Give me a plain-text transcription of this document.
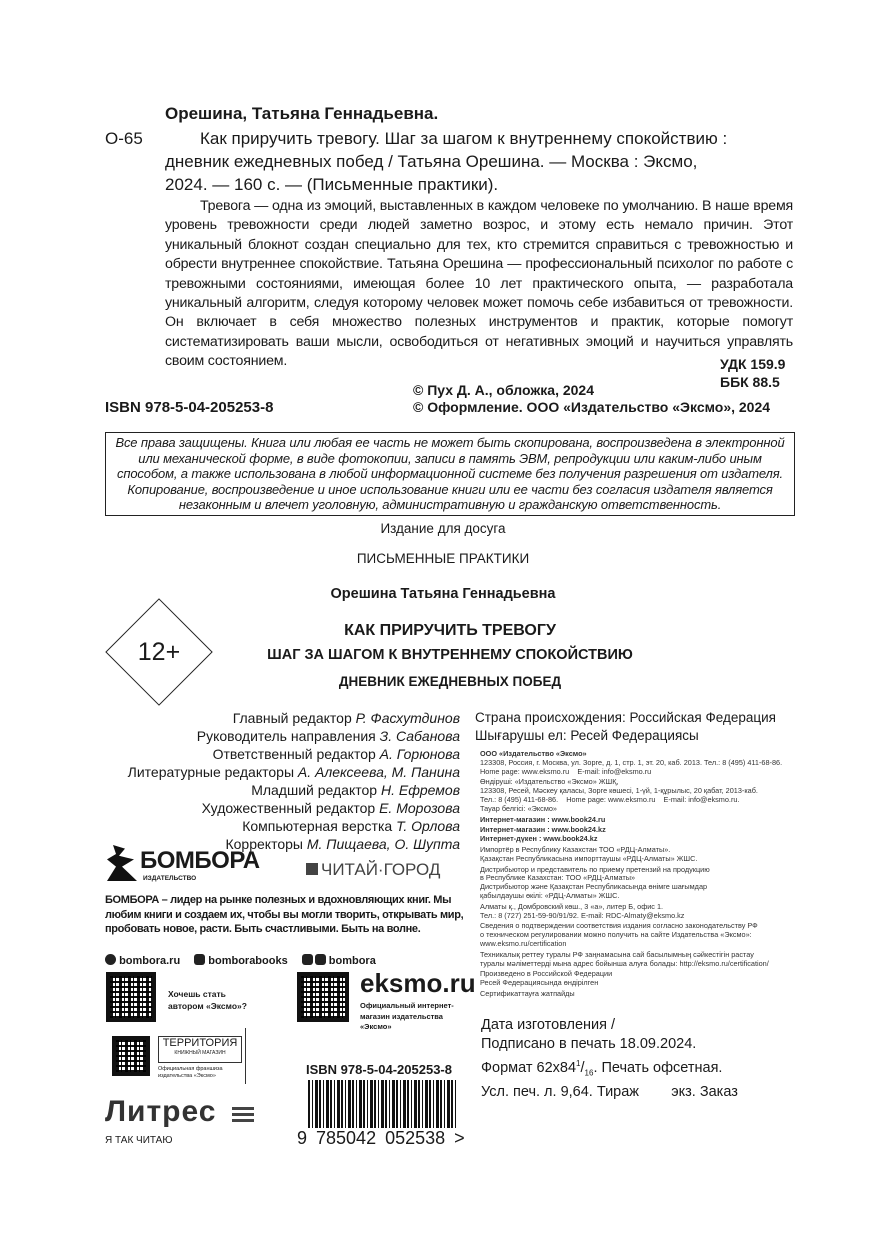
Орешина, Татьяна Геннадьевна.
О-65	Как приручить тревогу. Шаг за шагом к внутреннему спокойствию :
дневник ежедневных побед / Татьяна Орешина. — Москва : Эксмо,
2024. — 160 с. — (Письменные практики).
Тревога — одна из эмоций, выставленных в каждом человеке по умолчанию. В наше время уровень тревожности среди людей заметно возрос, и этому есть немало причин. Этот уникальный блокнот создан специально для тех, кто стремится справиться с тревожностью и обрести внутреннее спокойствие. Татьяна Орешина — профессиональный психолог по работе с тревожными состояниями, имеющая более 10 лет практического опыта, — разработала уникальный алгоритм, следуя которому человек может помочь себе избавиться от тревожности. Он включает в себя множество полезных инструментов и практик, которые помогут систематизировать ваши мысли, освободиться от негативных эмоций и научиться управлять своим состоянием.	УДК 159.9
ББК 88.5
© Пух Д. А., обложка, 2024
© Оформление. ООО «Издательство «Эксмо», 2024
ISBN 978-5-04-205253-8
Все права защищены. Книга или любая ее часть не может быть скопирована, воспроизведена в электронной или механической форме, в виде фотокопии, записи в память ЭВМ, репродукции или каким-либо иным способом, а также использована в любой информационной системе без получения разрешения от издателя. Копирование, воспроизведение и иное использование книги или ее части без согласия издателя является незаконным и влечет уголовную, административную и гражданскую ответственность.
Издание для досуга
ПИСЬМЕННЫЕ ПРАКТИКИ
Орешина Татьяна Геннадьевна
КАК ПРИРУЧИТЬ ТРЕВОГУ
ШАГ ЗА ШАГОМ К ВНУТРЕННЕМУ СПОКОЙСТВИЮ
ДНЕВНИК ЕЖЕДНЕВНЫХ ПОБЕД
12+
Главный редактор Р. Фасхутдинов
Руководитель направления З. Сабанова
Ответственный редактор А. Горюнова
Литературные редакторы А. Алексеева, М. Панина
Младший редактор Н. Ефремов
Художественный редактор Е. Морозова
Компьютерная верстка Т. Орлова
Корректоры М. Пищаева, О. Шупта
Страна происхождения: Российская Федерация
Шығарушы ел: Ресей Федерациясы

ООО «Издательство «Эксмо»
123308, Россия, г. Москва, ул. Зорге, д. 1, стр. 1, эт. 20, каб. 2013. Тел.: 8 (495) 411-68-86.
Home page: www.eksmo.ru    E-mail: info@eksmo.ru

Өндіруші: «Издательство «Эксмо» ЖШҚ,
123308, Ресей, Мәскеу қаласы, Зорге көшесі, 1-үй, 1-құрылыс, 20 қабат, 2013-каб.
Тел.: 8 (495) 411-68-86.    Home page: www.eksmo.ru    E-mail: info@eksmo.ru.
Тауар белгісі: «Эксмо»

Интернет-магазин : www.book24.ru

Интернет-магазин : www.book24.kz
Интернет-дүкен : www.book24.kz

Импортёр в Республику Казахстан ТОО «РДЦ-Алматы».
Қазақстан Республикасына импорттаушы «РДЦ-Алматы» ЖШС.

Дистрибьютор и представитель по приему претензий на продукцию
в Республике Казахстан: ТОО «РДЦ-Алматы»
Дистрибьютор және Қазақстан Республикасында өнімге шағымдар
қабылдаушы өкілі: «РДЦ-Алматы» ЖШС.

Алматы қ., Домбровский көш., 3 «а», литер Б, офис 1.
Тел.: 8 (727) 251-59-90/91/92. E-mail: RDC-Almaty@eksmo.kz

Сведения о подтверждении соответствия издания согласно законодательству РФ
о техническом регулировании можно получить на сайте Издательства «Эксмо»:
www.eksmo.ru/certification

Техникалық реттеу туралы РФ заңнамасына сай басылымның сәйкестігін растау
туралы мәліметтерді мына адрес бойынша алуға болады: http://eksmo.ru/certification/

Произведено в Российской Федерации
Ресей Федерациясында өндірілген

Сертификаттауға жатпайды

Дата изготовления /
Подписано в печать 18.09.2024.
Формат $62x84^1/_{16}$. Печать офсетная.
Усл. печ. л. 9,64. Тираж        экз. Заказ
БОМБОРА
ИЗДАТЕЛЬСТВО	ЧИТАЙ·ГОРОД
БОМБОРА – лидер на рынке полезных и вдохновляющих книг. Мы любим книги и создаем их, чтобы вы могли творить, открывать мир, пробовать новое, расти. Быть счастливыми. Быть на волне.
bombora.ru	bomborabooks	bombora
Хочешь стать автором «Эксмо»?
eksmo.ru
Официальный интернет-магазин издательства «Эксмо»
ТЕРРИТОРИЯ
КНИЖНЫЙ МАГАЗИН
Официальная франшиза издательства «Эксмо»
Литрес
Я ТАК ЧИТАЮ
ISBN 978-5-04-205253-8
9 785042 052538 >
